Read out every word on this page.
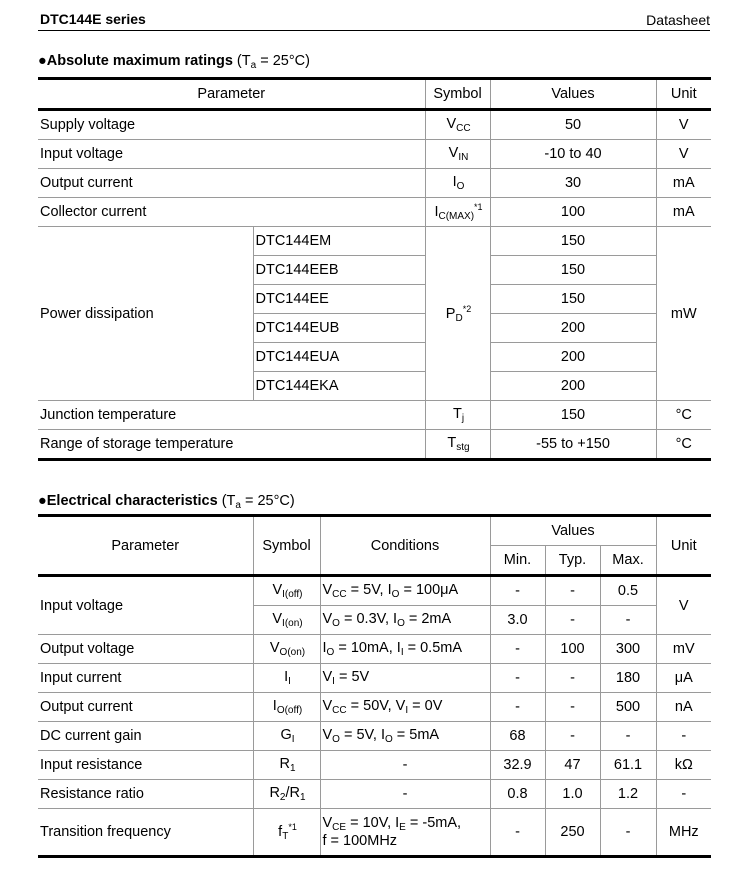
DTC144E series	Datasheet
●Absolute maximum ratings $(T_a = 25^\circ C)$
Parameter		Symbol	Values	Unit
Supply voltage		$V_{CC}$	50	V
Input voltage		$V_{IN}$	-10 to 40	V
Output current		$I_O$	30	mA
Collector current		$I_{C(MAX)}^{*1}$	100	mA
Power dissipation	DTC144EM	$P_D^{*2}$	150	mW
	DTC144EEB		150	
	DTC144EE		150	
	DTC144EUB		200	
	DTC144EUA		200	
	DTC144EKA		200	
Junction temperature		$T_j$	150	°C
Range of storage temperature		$T_{stg}$	-55 to +150	°C
●Electrical characteristics $(T_a = 25^\circ C)$
Parameter	Symbol	Conditions	Values			Unit
			Min.	Typ.	Max.	
Input voltage	$V_{I(off)}$	$V_{CC} = 5V$, $I_O = 100\mu A$	-	-	0.5	V
	$V_{I(on)}$	$V_O = 0.3V$, $I_O = 2mA$	3.0	-	-	
Output voltage	$V_{O(on)}$	$I_O = 10mA$, $I_I = 0.5mA$	-	100	300	mV
Input current	$I_I$	$V_I = 5V$	-	-	180	μA
Output current	$I_{O(off)}$	$V_{CC} = 50V$, $V_I = 0V$	-	-	500	nA
DC current gain	$G_I$	$V_O = 5V$, $I_O = 5mA$	68	-	-	-
Input resistance	$R_1$	-	32.9	47	61.1	kΩ
Resistance ratio	$R_2/R_1$	-	0.8	1.0	1.2	-
Transition frequency	$f_T^{*1}$	$V_{CE} = 10V$, $I_E = -5mA$,
f = 100MHz	-	250	-	MHz
